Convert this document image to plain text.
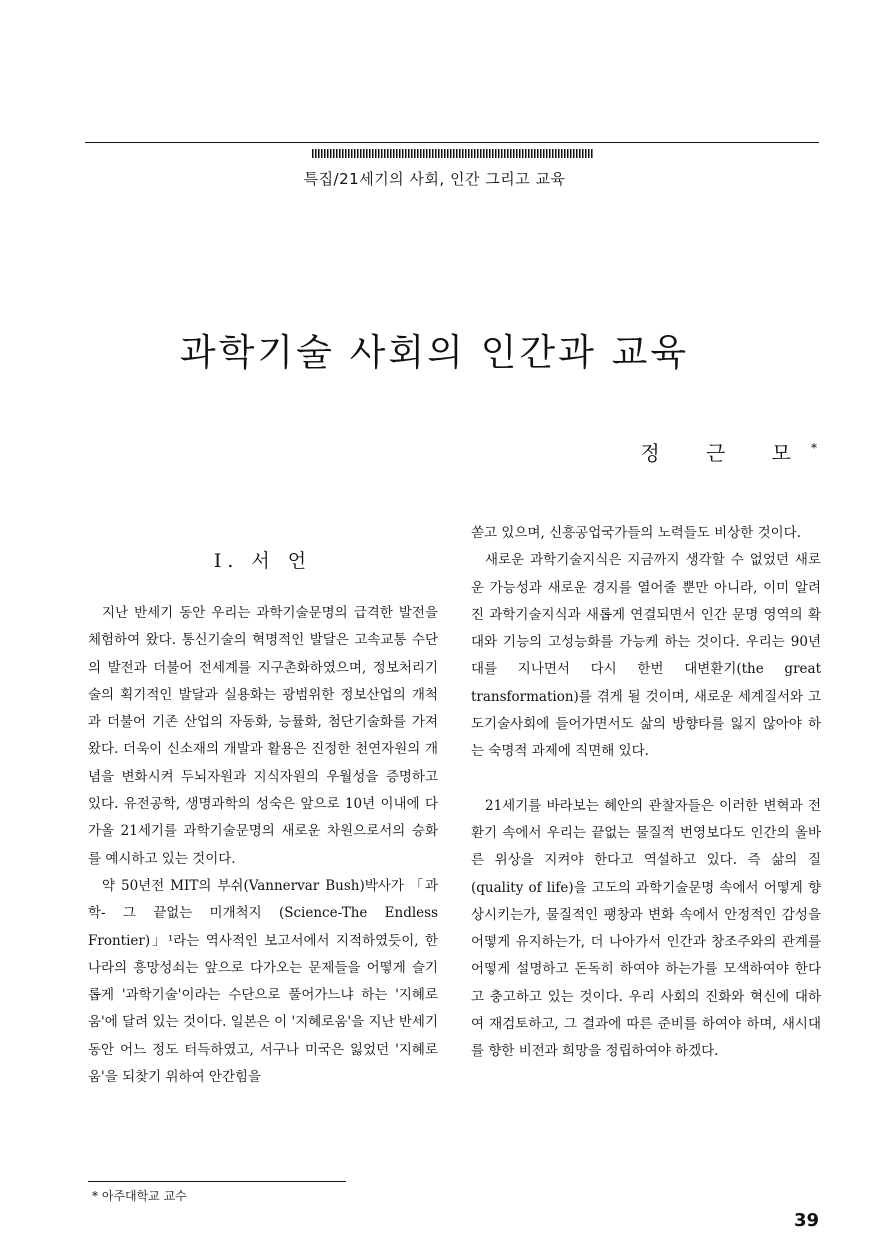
특집/21세기의 사회, 인간 그리고 교육
과학기술 사회의 인간과 교육
정 근 모*
I. 서 언

지난 반세기 동안 우리는 과학기술문명의 급격한 발전을 체험하여 왔다. 통신기술의 혁명적인 발달은 고속교통 수단의 발전과 더불어 전세계를 지구촌화하였으며, 정보처리기술의 획기적인 발달과 실용화는 광범위한 정보산업의 개척과 더불어 기존 산업의 자동화, 능률화, 첨단기술화를 가져왔다. 더욱이 신소재의 개발과 활용은 진정한 천연자원의 개념을 변화시켜 두뇌자원과 지식자원의 우월성을 증명하고 있다. 유전공학, 생명과학의 성숙은 앞으로 10년 이내에 다가올 21세기를 과학기술문명의 새로운 차원으로서의 승화를 예시하고 있는 것이다.

약 50년전 MIT의 부쉬(Vannervar Bush)박사가 「과학- 그 끝없는 미개척지 (Science-The Endless Frontier)」¹라는 역사적인 보고서에서 지적하였듯이, 한 나라의 흥망성쇠는 앞으로 다가오는 문제들을 어떻게 슬기롭게 '과학기술'이라는 수단으로 풀어가느냐 하는 '지혜로움'에 달려 있는 것이다. 일본은 이 '지혜로움'을 지난 반세기 동안 어느 정도 터득하였고, 서구나 미국은 잃었던 '지혜로움'을 되찾기 위하여 안간힘을

쏟고 있으며, 신흥공업국가들의 노력들도 비상한 것이다.

새로운 과학기술지식은 지금까지 생각할 수 없었던 새로운 가능성과 새로운 경지를 열어줄 뿐만 아니라, 이미 알려진 과학기술지식과 새롭게 연결되면서 인간 문명 영역의 확대와 기능의 고성능화를 가능케 하는 것이다. 우리는 90년대를 지나면서 다시 한번 대변환기(the great transformation)를 겪게 될 것이며, 새로운 세계질서와 고도기술사회에 들어가면서도 삶의 방향타를 잃지 않아야 하는 숙명적 과제에 직면해 있다.

21세기를 바라보는 혜안의 관찰자들은 이러한 변혁과 전환기 속에서 우리는 끝없는 물질적 번영보다도 인간의 올바른 위상을 지켜야 한다고 역설하고 있다. 즉 삶의 질 (quality of life)을 고도의 과학기술문명 속에서 어떻게 향상시키는가, 물질적인 팽창과 변화 속에서 안정적인 감성을 어떻게 유지하는가, 더 나아가서 인간과 창조주와의 관계를 어떻게 설명하고 돈독히 하여야 하는가를 모색하여야 한다고 충고하고 있는 것이다. 우리 사회의 진화와 혁신에 대하여 재검토하고, 그 결과에 따른 준비를 하여야 하며, 새시대를 향한 비전과 희망을 정립하여야 하겠다.

* 아주대학교 교수
39
